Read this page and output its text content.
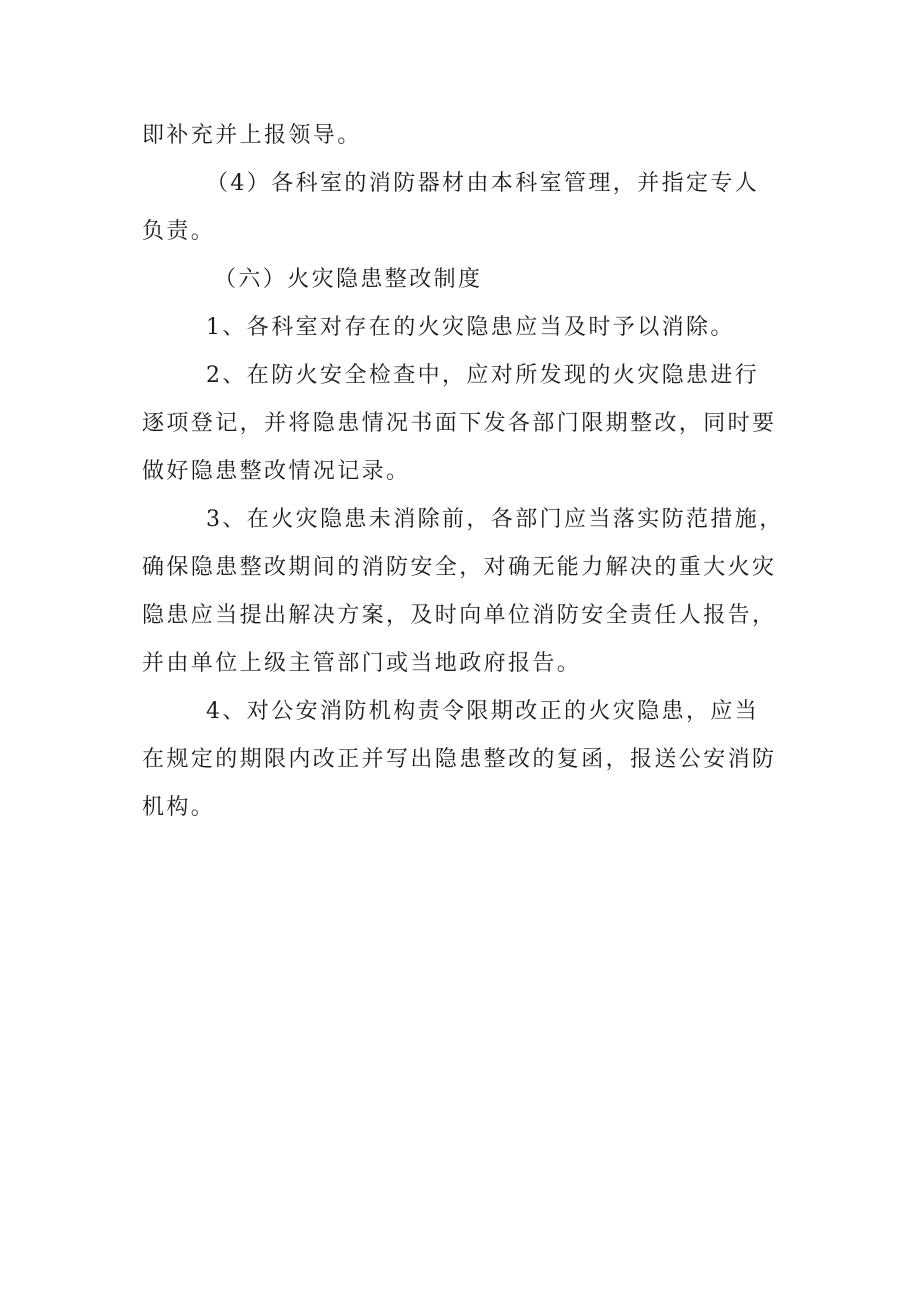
即补充并上报领导。
（4）各科室的消防器材由本科室管理，并指定专人
负责。
（六）火灾隐患整改制度
1、各科室对存在的火灾隐患应当及时予以消除。
2、在防火安全检查中，应对所发现的火灾隐患进行
逐项登记，并将隐患情况书面下发各部门限期整改，同时要
做好隐患整改情况记录。
3、在火灾隐患未消除前，各部门应当落实防范措施，
确保隐患整改期间的消防安全，对确无能力解决的重大火灾
隐患应当提出解决方案，及时向单位消防安全责任人报告，
并由单位上级主管部门或当地政府报告。
4、对公安消防机构责令限期改正的火灾隐患，应当
在规定的期限内改正并写出隐患整改的复函，报送公安消防
机构。
